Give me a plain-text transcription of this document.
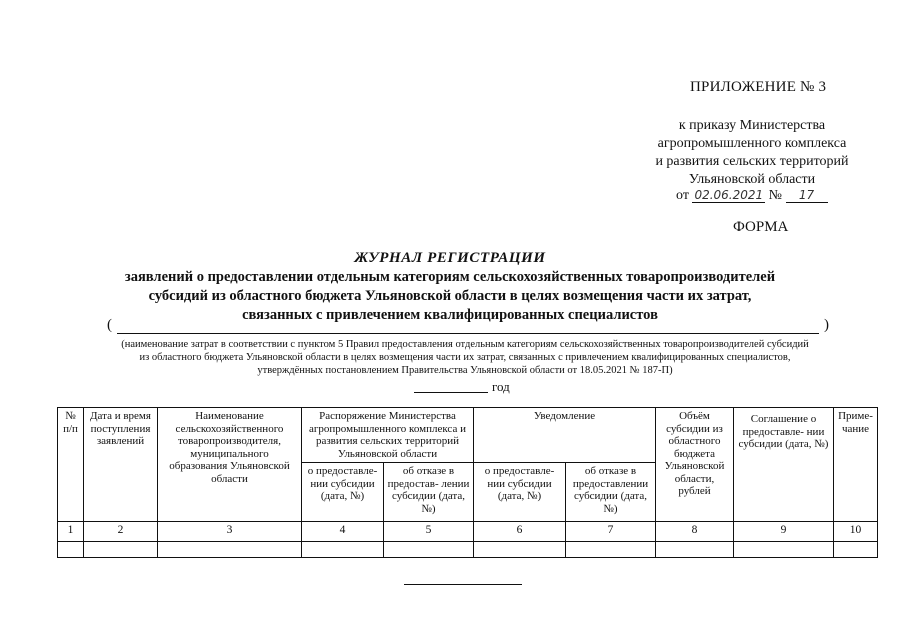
ПРИЛОЖЕНИЕ № 3
к приказу Министерства
агропромышленного комплекса
и развития сельских территорий
Ульяновской области
от 02.06.2021 № 17
ФОРМА
ЖУРНАЛ РЕГИСТРАЦИИ
заявлений о предоставлении отдельным категориям сельскохозяйственных товаропроизводителей
субсидий из областного бюджета Ульяновской области в целях возмещения части их затрат,
связанных с привлечением квалифицированных специалистов
(	)
(наименование затрат в соответствии с пунктом 5 Правил предоставления отдельным категориям сельскохозяйственных товаропроизводителей субсидий
из областного бюджета Ульяновской области в целях возмещения части их затрат, связанных с привлечением квалифицированных специалистов,
утверждённых постановлением Правительства Ульяновской области от 18.05.2021 № 187-П)
год
№ п/п	Дата и время поступления заявлений	Наименование сельскохозяйственного товаропроизводителя, муниципального образования Ульяновской области	Распоряжение Министерства агропромышленного комплекса и развития сельских территорий Ульяновской области		Уведомление		Объём субсидии из областного бюджета Ульяновской области, рублей	Соглашение о предоставле- нии субсидии (дата, №)	Приме- чание
			о предоставле- нии субсидии (дата, №)	об отказе в предостав- лении субсидии (дата, №)	о предоставле- нии субсидии (дата, №)	об отказе в предоставлении субсидии (дата, №)			
1	2	3	4	5	6	7	8	9	10
